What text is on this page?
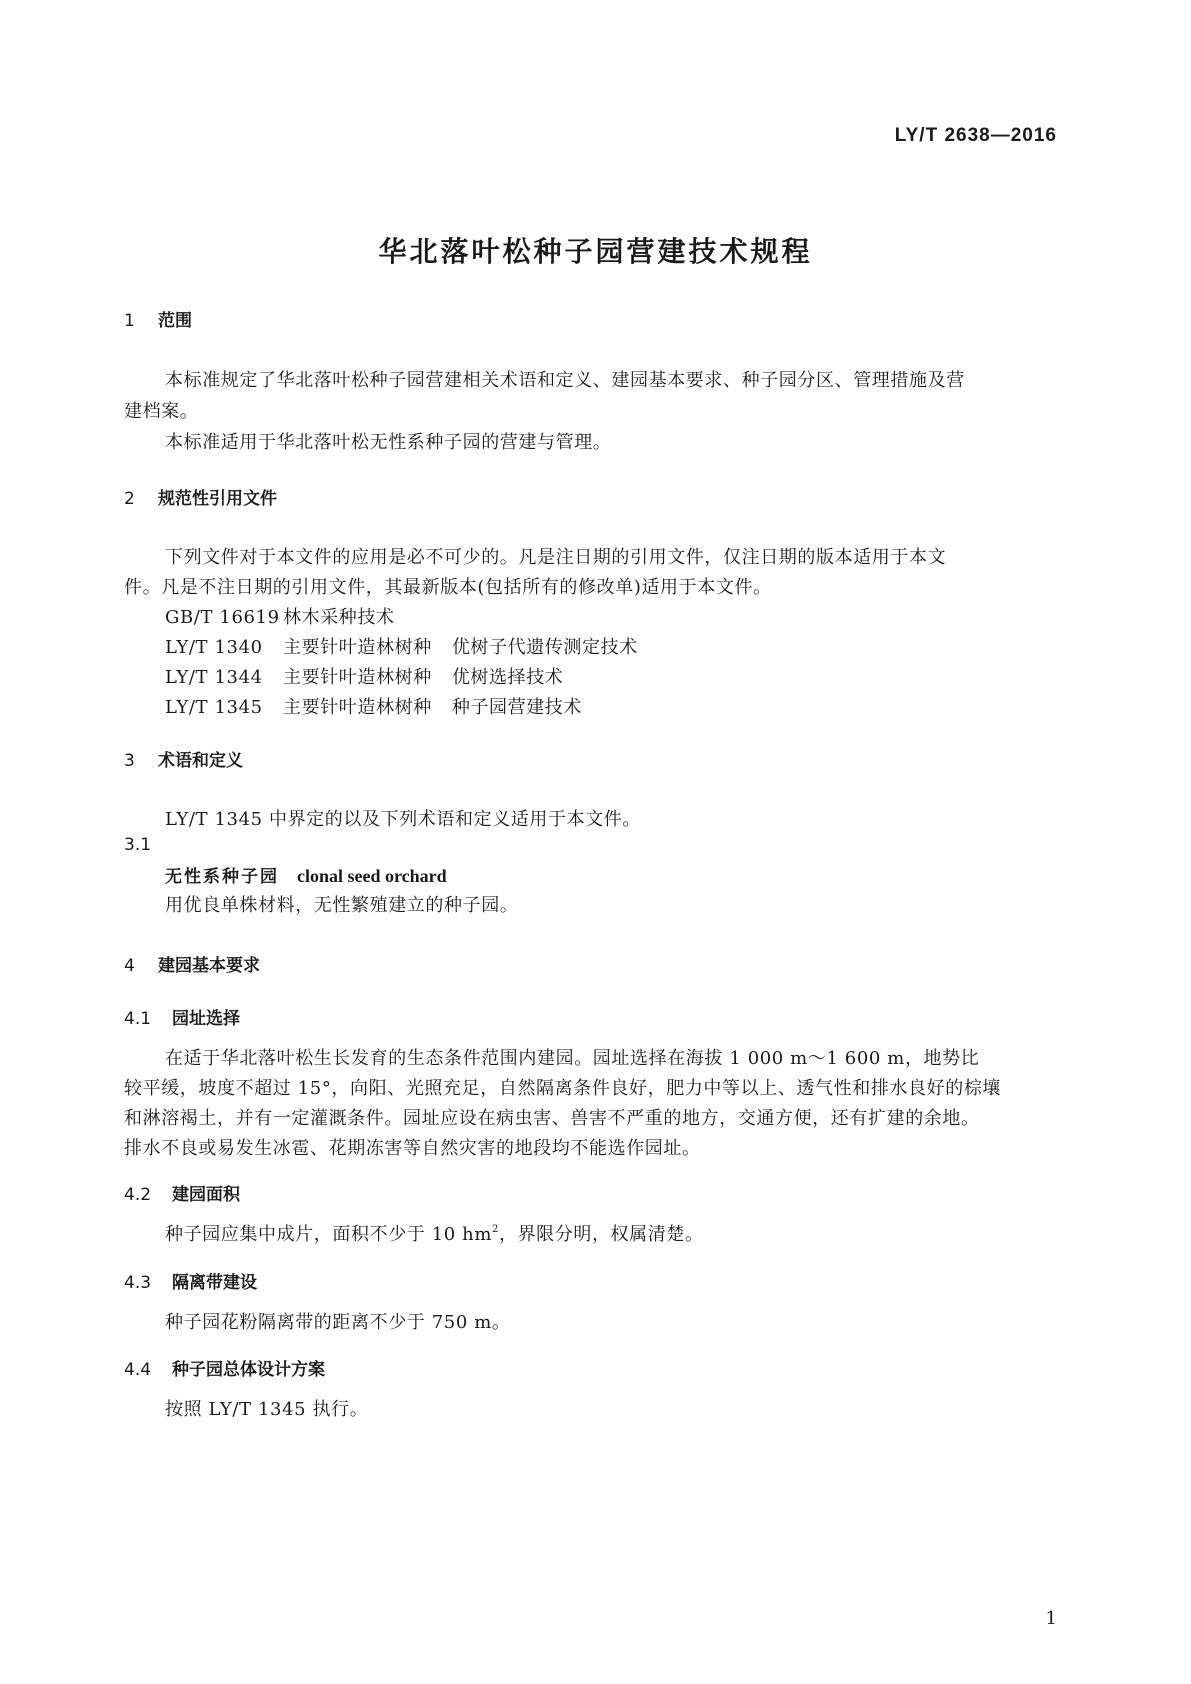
LY/T 2638—2016
华北落叶松种子园营建技术规程
1 范围
本标准规定了华北落叶松种子园营建相关术语和定义、建园基本要求、种子园分区、管理措施及营
建档案。
本标准适用于华北落叶松无性系种子园的营建与管理。
2 规范性引用文件
下列文件对于本文件的应用是必不可少的。凡是注日期的引用文件，仅注日期的版本适用于本文
件。凡是不注日期的引用文件，其最新版本(包括所有的修改单)适用于本文件。
GB/T 16619 林木采种技术
LY/T 1340 主要针叶造林树种 优树子代遗传测定技术
LY/T 1344 主要针叶造林树种 优树选择技术
LY/T 1345 主要针叶造林树种 种子园营建技术
3 术语和定义
LY/T 1345 中界定的以及下列术语和定义适用于本文件。
3.1
无性系种子园 clonal seed orchard
用优良单株材料，无性繁殖建立的种子园。
4 建园基本要求
4.1 园址选择
在适于华北落叶松生长发育的生态条件范围内建园。园址选择在海拔 1 000 m～1 600 m，地势比
较平缓，坡度不超过 15°，向阳、光照充足，自然隔离条件良好，肥力中等以上、透气性和排水良好的棕壤
和淋溶褐土，并有一定灌溉条件。园址应设在病虫害、兽害不严重的地方，交通方便，还有扩建的余地。
排水不良或易发生冰雹、花期冻害等自然灾害的地段均不能选作园址。
4.2 建园面积
种子园应集中成片，面积不少于 10 $hm^2$，界限分明，权属清楚。
4.3 隔离带建设
种子园花粉隔离带的距离不少于 750 m。
4.4 种子园总体设计方案
按照 LY/T 1345 执行。
1
